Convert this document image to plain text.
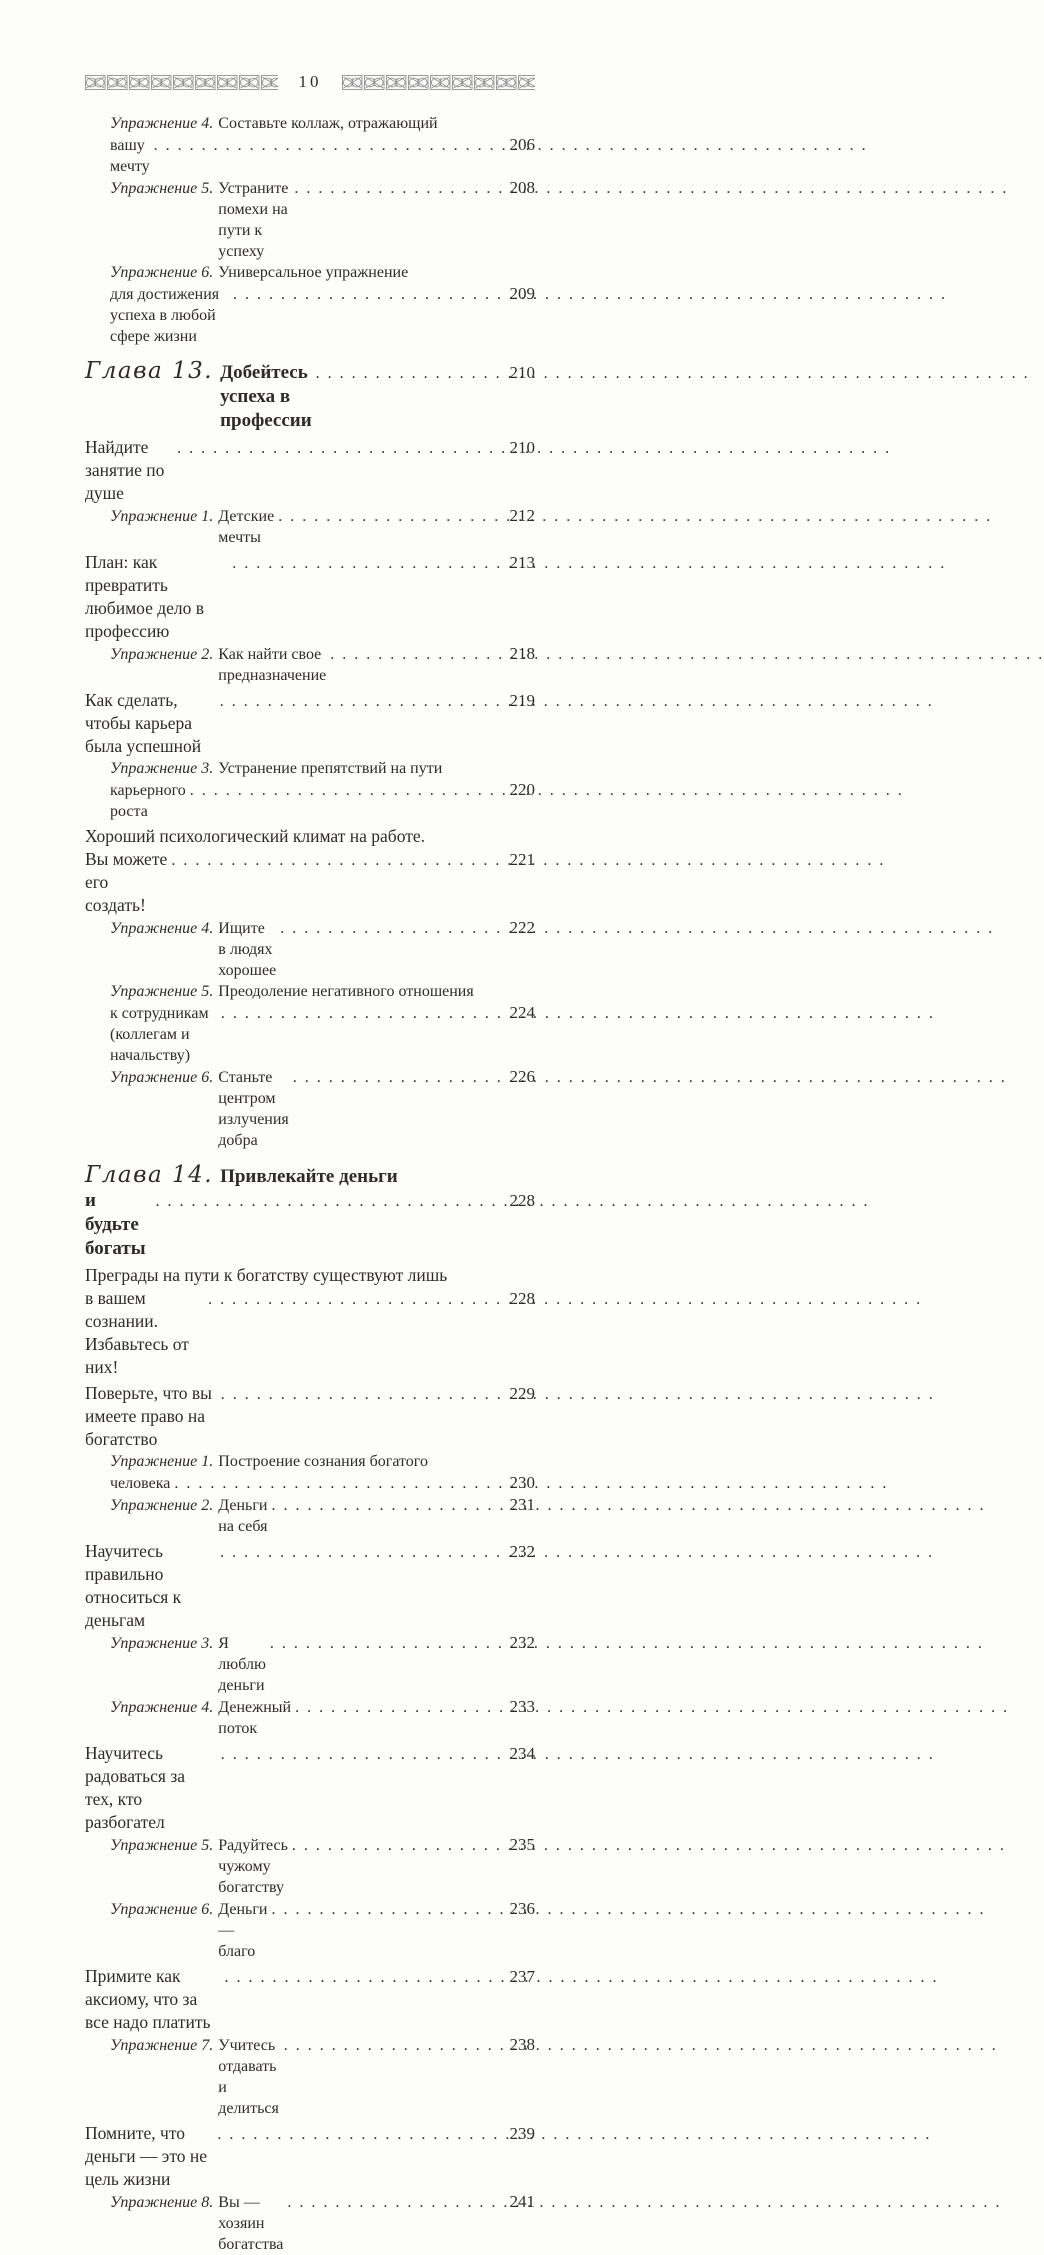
10
Упражнение 4. Составьте коллаж, отражающий
вашу мечту
. . .
206
Упражнение 5. Устраните помехи на пути к успеху
. . .
208
Упражнение 6. Универсальное упражнение
для достижения успеха в любой сфере жизни
. . .
209
Глава 13. Добейтесь успеха в профессии
. . .
210
Найдите занятие по душе
. . .
210
Упражнение 1. Детские мечты
. . .
212
План: как превратить любимое дело в профессию
. . .
213
Упражнение 2. Как найти свое предназначение
. . .
218
Как сделать, чтобы карьера была успешной
. . .
219
Упражнение 3. Устранение препятствий на пути
карьерного роста
. . .
220
Хороший психологический климат на работе.
Вы можете его создать!
. . .
221
Упражнение 4. Ищите в людях хорошее
. . .
222
Упражнение 5. Преодоление негативного отношения
к сотрудникам (коллегам и начальству)
. . .
224
Упражнение 6. Станьте центром излучения добра
. . .
226
Глава 14. Привлекайте деньги
и будьте богаты
. . .
228
Преграды на пути к богатству существуют лишь
в вашем сознании. Избавьтесь от них!
. . .
228
Поверьте, что вы имеете право на богатство
. . .
229
Упражнение 1. Построение сознания богатого
человека . . .	230
Упражнение 2. Деньги на себя
. . .
231
Научитесь правильно относиться к деньгам
. . .
232
Упражнение 3. Я люблю деньги
. . .
232
Упражнение 4. Денежный поток
. . .
233
Научитесь радоваться за тех, кто разбогател
. . .
234
Упражнение 5. Радуйтесь чужому богатству
. . .
235
Упражнение 6. Деньги — благо
. . .
236
Примите как аксиому, что за все надо платить
. . .
237
Упражнение 7. Учитесь отдавать и делиться
. . .
238
Помните, что деньги — это не цель жизни
. . .
239
Упражнение 8. Вы — хозяин богатства
. . .
241
